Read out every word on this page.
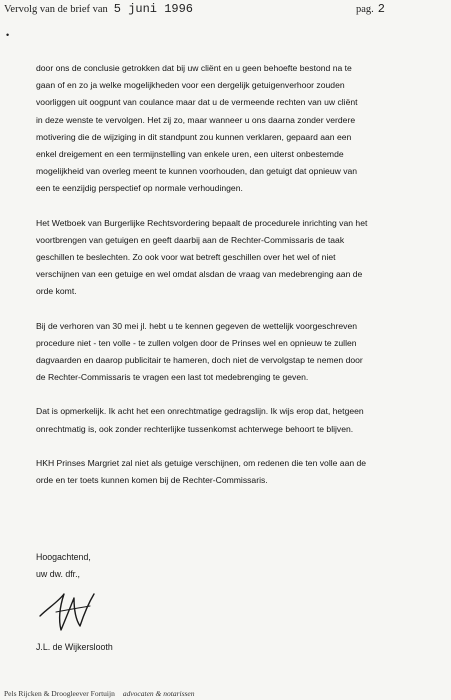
Vervolg van de brief van 5 juni 1996	pag. 2
•
door ons de conclusie getrokken dat bij uw cliënt en u geen behoefte bestond na te
gaan of en zo ja welke mogelijkheden voor een dergelijk getuigenverhoor zouden
voorliggen uit oogpunt van coulance maar dat u de vermeende rechten van uw cliënt
in deze wenste te vervolgen. Het zij zo, maar wanneer u ons daarna zonder verdere
motivering die de wijziging in dit standpunt zou kunnen verklaren, gepaard aan een
enkel dreigement en een termijnstelling van enkele uren, een uiterst onbestemde
mogelijkheid van overleg meent te kunnen voorhouden, dan getuigt dat opnieuw van
een te eenzijdig perspectief op normale verhoudingen.
Het Wetboek van Burgerlijke Rechtsvordering bepaalt de procedurele inrichting van het
voortbrengen van getuigen en geeft daarbij aan de Rechter-Commissaris de taak
geschillen te beslechten. Zo ook voor wat betreft geschillen over het wel of niet
verschijnen van een getuige en wel omdat alsdan de vraag van medebrenging aan de
orde komt.
Bij de verhoren van 30 mei jl. hebt u te kennen gegeven de wettelijk voorgeschreven
procedure niet - ten volle - te zullen volgen door de Prinses wel en opnieuw te zullen
dagvaarden en daarop publicitair te hameren, doch niet de vervolgstap te nemen door
de Rechter-Commissaris te vragen een last tot medebrenging te geven.
Dat is opmerkelijk. Ik acht het een onrechtmatige gedragslijn. Ik wijs erop dat, hetgeen
onrechtmatig is, ook zonder rechterlijke tussenkomst achterwege behoort te blijven.
HKH Prinses Margriet zal niet als getuige verschijnen, om redenen die ten volle aan de
orde en ter toets kunnen komen bij de Rechter-Commissaris.
Hoogachtend,
uw dw. dfr.,
J.L. de Wijkerslooth
Pels Rijcken & Droogleever Fortuijn advocaten & notarissen
